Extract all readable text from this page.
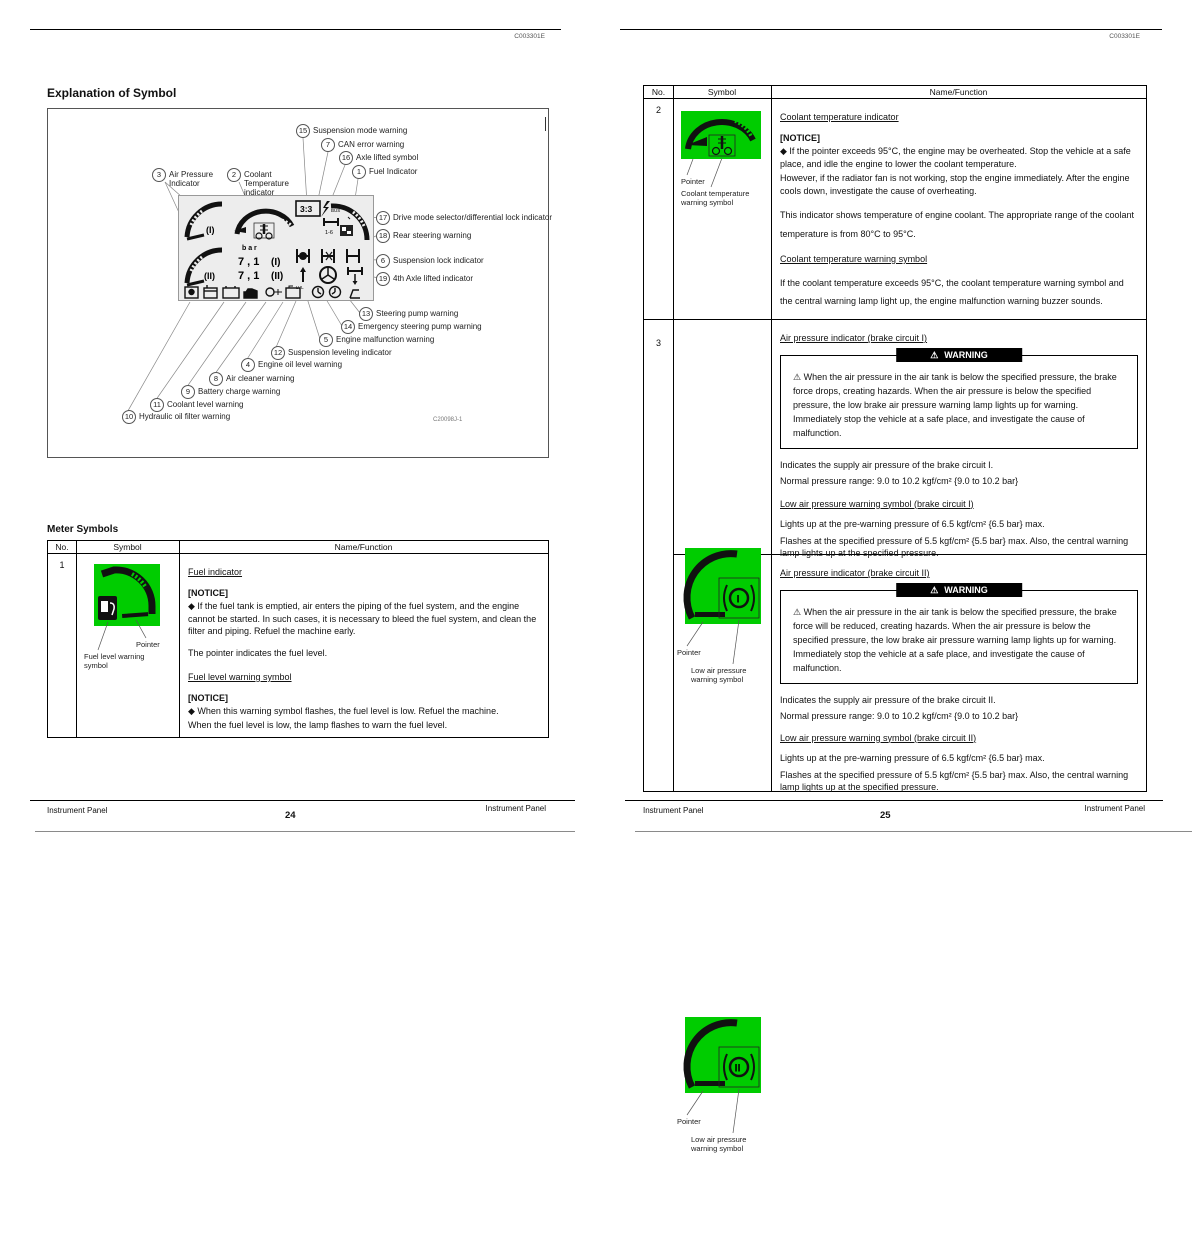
C003301E
Explanation of Symbol
(I)
(II)
b a r
7 , 1 (I)
7 , 1 (II)
3:3	CAN
BUS
1-6
LVL
15 Suspension mode warning
7 CAN error warning
16 Axle lifted symbol
1 Fuel Indicator
3 Air Pressure Indicator
2 Coolant Temperature indicator
17 Drive mode selector/differential lock indicator
18 Rear steering warning
6 Suspension lock indicator
19 4th Axle lifted indicator
13 Steering pump warning
14 Emergency steering pump warning
5 Engine malfunction warning
12 Suspension leveling indicator
4 Engine oil level warning
8 Air cleaner warning
9 Battery charge warning
11 Coolant level warning
10 Hydraulic oil filter warning	C20098J-1
Meter Symbols
No.	Symbol	Name/Function
1
Pointer
Fuel level warning symbol
Fuel indicator
[NOTICE]

◆ If the fuel tank is emptied, air enters the piping of the fuel system, and the engine cannot be started. In such cases, it is necessary to bleed the fuel system, and clean the filter and piping. Refuel the machine early.

The pointer indicates the fuel level.

Fuel level warning symbol
[NOTICE]

◆ When this warning symbol flashes, the fuel level is low. Refuel the machine.

When the fuel level is low, the lamp flashes to warn the fuel level.

Instrument Panel	24
Instrument Panel
C003301E
No.	Symbol	Name/Function
2
Pointer
Coolant temperature warning symbol
Coolant temperature indicator
[NOTICE]

◆ If the pointer exceeds 95°C, the engine may be overheated. Stop the vehicle at a safe place, and idle the engine to lower the coolant temperature.

However, if the radiator fan is not working, stop the engine immediately. After the engine cools down, investigate the cause of overheating.

This indicator shows temperature of engine coolant. The appropriate range of the coolant temperature is from 80°C to 95°C.

Coolant temperature warning symbol

If the coolant temperature exceeds 95°C, the coolant temperature warning symbol and the central warning lamp light up, the engine malfunction warning buzzer sounds.

3
I
Pointer
Low air pressure warning symbol
Air pressure indicator (brake circuit I)
⚠ WARNING
⚠ When the air pressure in the air tank is below the specified pressure, the brake force drops, creating hazards. When the air pressure is below the specified pressure, the low brake air pressure warning lamp lights up for warning. Immediately stop the vehicle at a safe place, and investigate the cause of malfunction.

Indicates the supply air pressure of the brake circuit I.

Normal pressure range: 9.0 to 10.2 kgf/cm² {9.0 to 10.2 bar}

Low air pressure warning symbol (brake circuit I)

Lights up at the pre-warning pressure of 6.5 kgf/cm² {6.5 bar} max.

Flashes at the specified pressure of 5.5 kgf/cm² {5.5 bar} max. Also, the central warning lamp lights up at the specified pressure.

II
Pointer
Low air pressure warning symbol
Air pressure indicator (brake circuit II)
⚠ WARNING
⚠ When the air pressure in the air tank is below the specified pressure, the brake force will be reduced, creating hazards. When the air pressure is below the specified pressure, the low brake air pressure warning lamp lights up for warning. Immediately stop the vehicle at a safe place, and investigate the cause of malfunction.

Indicates the supply air pressure of the brake circuit II.

Normal pressure range: 9.0 to 10.2 kgf/cm² {9.0 to 10.2 bar}

Low air pressure warning symbol (brake circuit II)

Lights up at the pre-warning pressure of 6.5 kgf/cm² {6.5 bar} max.

Flashes at the specified pressure of 5.5 kgf/cm² {5.5 bar} max. Also, the central warning lamp lights up at the specified pressure.

Instrument Panel	25
Instrument Panel
